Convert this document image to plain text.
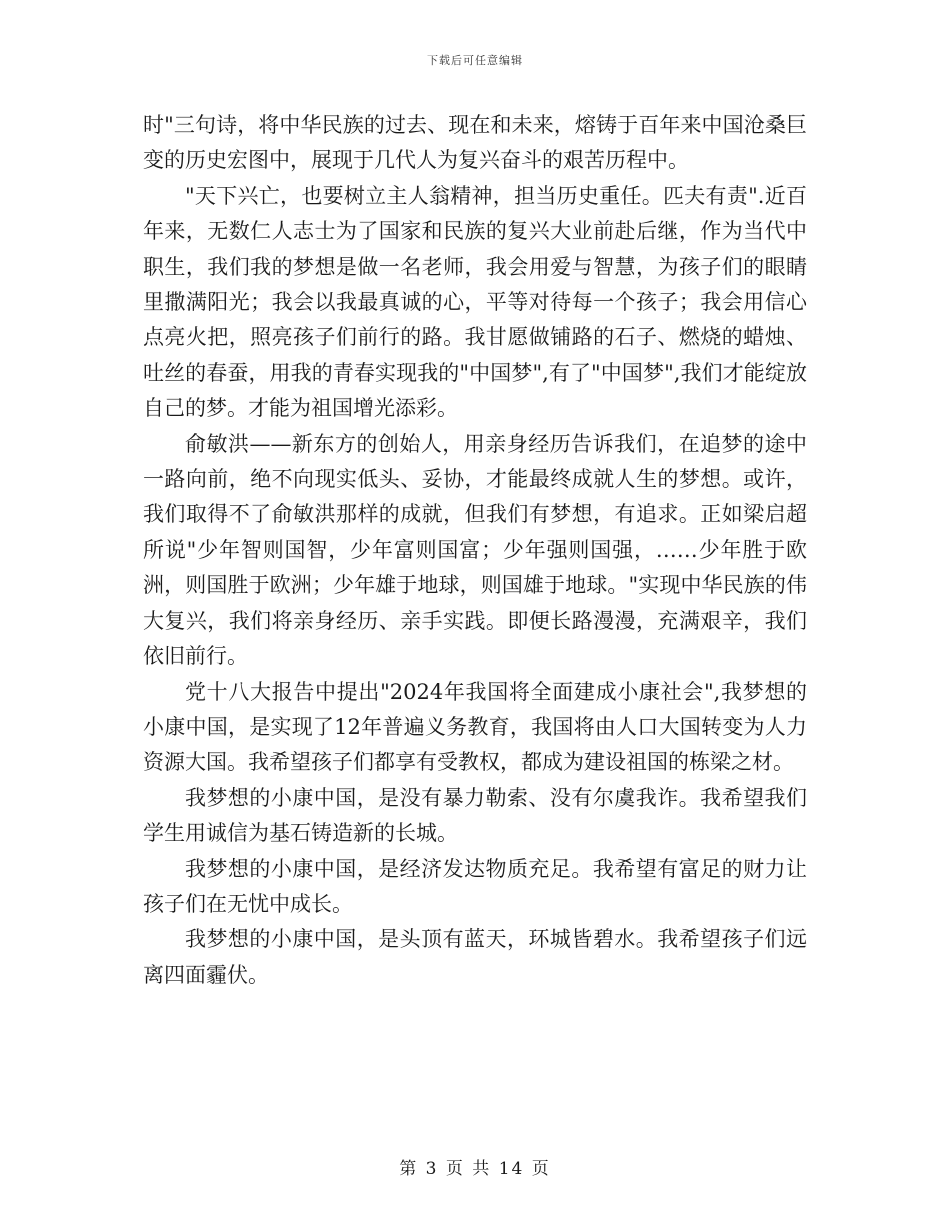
下载后可任意编辑

时"三句诗，将中华民族的过去、现在和未来，熔铸于百年来中国沧桑巨变的历史宏图中，展现于几代人为复兴奋斗的艰苦历程中。

"天下兴亡，也要树立主人翁精神，担当历史重任。匹夫有责".近百年来，无数仁人志士为了国家和民族的复兴大业前赴后继，作为当代中职生，我们我的梦想是做一名老师，我会用爱与智慧，为孩子们的眼睛里撒满阳光；我会以我最真诚的心，平等对待每一个孩子；我会用信心点亮火把，照亮孩子们前行的路。我甘愿做铺路的石子、燃烧的蜡烛、吐丝的春蚕，用我的青春实现我的"中国梦",有了"中国梦",我们才能绽放自己的梦。才能为祖国增光添彩。

俞敏洪——新东方的创始人，用亲身经历告诉我们，在追梦的途中一路向前，绝不向现实低头、妥协，才能最终成就人生的梦想。或许，我们取得不了俞敏洪那样的成就，但我们有梦想，有追求。正如梁启超所说"少年智则国智，少年富则国富；少年强则国强，……少年胜于欧洲，则国胜于欧洲；少年雄于地球，则国雄于地球。"实现中华民族的伟大复兴，我们将亲身经历、亲手实践。即便长路漫漫，充满艰辛，我们依旧前行。

党十八大报告中提出"2024年我国将全面建成小康社会",我梦想的小康中国，是实现了12年普遍义务教育，我国将由人口大国转变为人力资源大国。我希望孩子们都享有受教权，都成为建设祖国的栋梁之材。

我梦想的小康中国，是没有暴力勒索、没有尔虞我诈。我希望我们学生用诚信为基石铸造新的长城。

我梦想的小康中国，是经济发达物质充足。我希望有富足的财力让孩子们在无忧中成长。

我梦想的小康中国，是头顶有蓝天，环城皆碧水。我希望孩子们远离四面霾伏。

第 3 页 共 14 页
